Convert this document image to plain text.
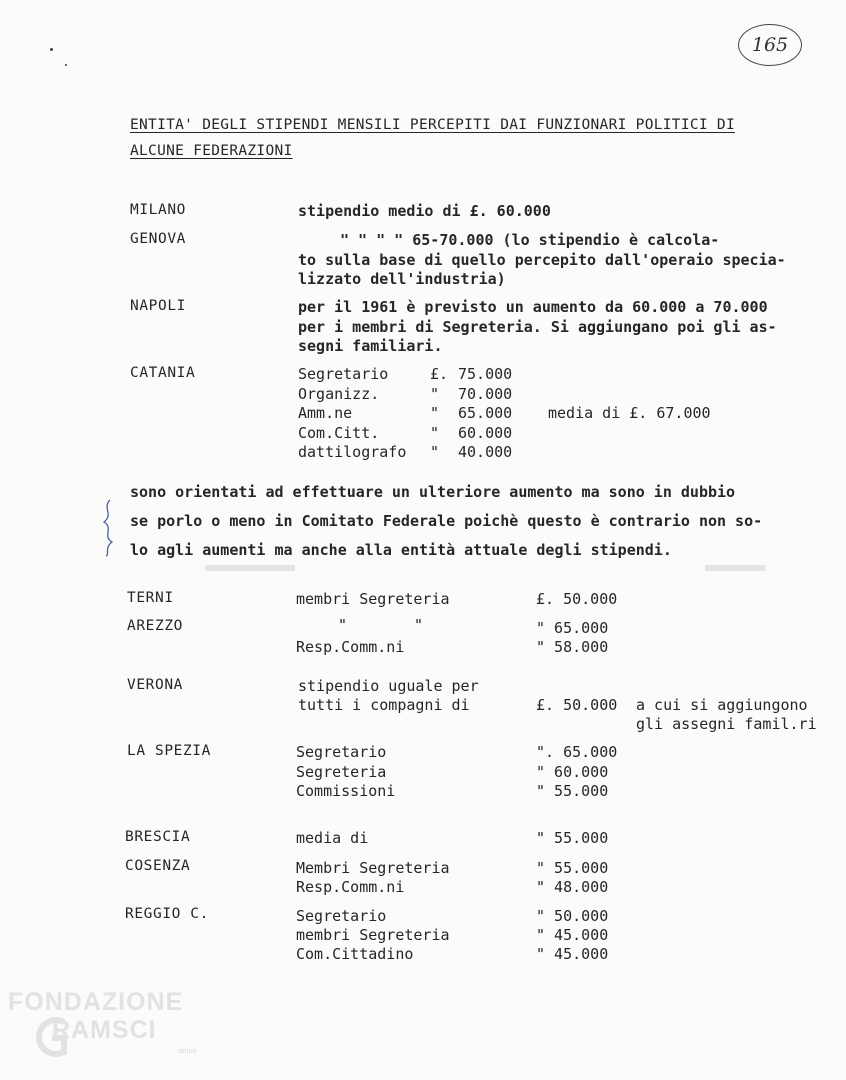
165
ENTITA' DEGLI STIPENDI MENSILI PERCEPITI DAI FUNZIONARI POLITICI DI
ALCUNE FEDERAZIONI
MILANO	stipendio medio di £. 60.000
GENOVA	" " " " 65-70.000 (lo stipendio è calcola-
to sulla base di quello percepito dall'operaio specia-
lizzato dell'industria)
NAPOLI	per il 1961 è previsto un aumento da 60.000 a 70.000
per i membri di Segreteria. Si aggiungano poi gli as-
segni familiari.
CATANIA	Segretario	£. 75.000
Organizz.	" 70.000
Amm.ne	" 65.000 media di £. 67.000
Com.Citt.	" 60.000
dattilografo " 40.000
sono orientati ad effettuare un ulteriore aumento ma sono in dubbio
se porlo o meno in Comitato Federale poichè questo è contrario non so-
lo agli aumenti ma anche alla entità attuale degli stipendi.
TERNI	membri Segreteria	£. 50.000
AREZZO	"	"	" 65.000
Resp.Comm.ni	" 58.000
VERONA	stipendio uguale per
tutti i compagni di	£. 50.000 a cui si aggiungono
gli assegni famil.ri
LA SPEZIA	Segretario	". 65.000
Segreteria	" 60.000
Commissioni	" 55.000
BRESCIA	media di	" 55.000
COSENZA	Membri Segreteria	" 55.000
Resp.Comm.ni	" 48.000
REGGIO C.	Segretario	" 50.000
membri Segreteria	" 45.000
Com.Cittadino	" 45.000
FONDAZIONE
RAMSCI
onlus
